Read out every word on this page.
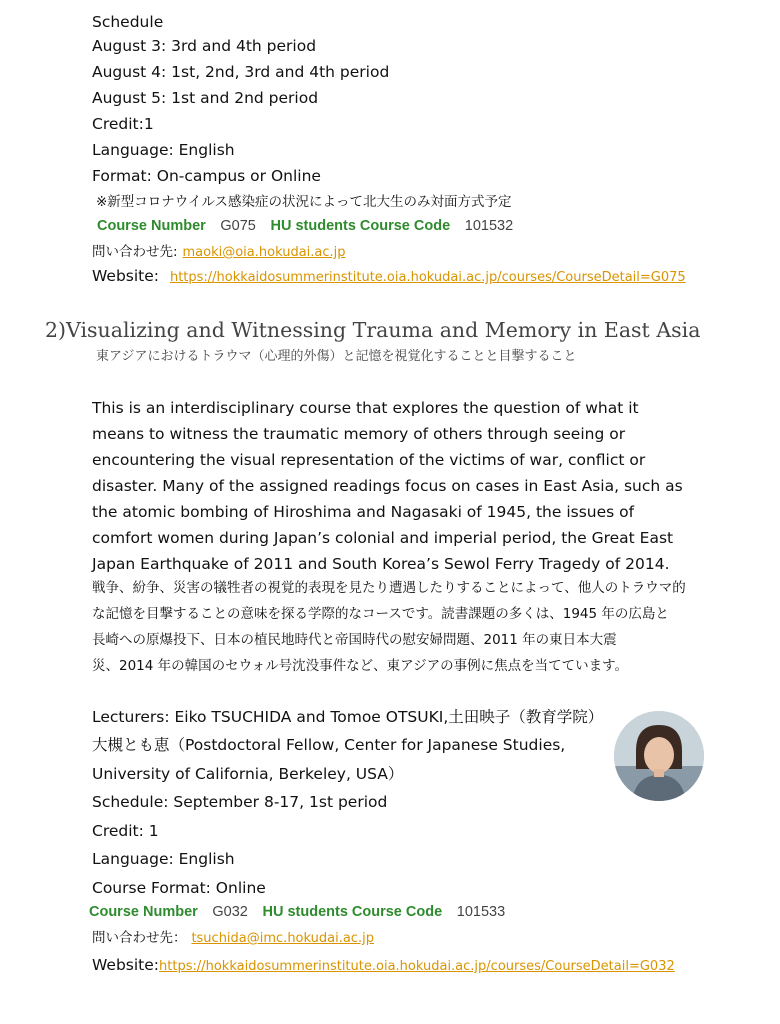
Schedule
August 3: 3rd and 4th period
August 4: 1st, 2nd, 3rd and 4th period
August 5: 1st and 2nd period
Credit:1
Language: English
Format: On-campus or Online
※新型コロナウイルス感染症の状況によって北大生のみ対面方式予定
Course Number G075 HU students Course Code 101532
問い合わせ先: maoki@oia.hokudai.ac.jp
Website: https://hokkaidosummerinstitute.oia.hokudai.ac.jp/courses/CourseDetail=G075
2)Visualizing and Witnessing Trauma and Memory in East Asia
東アジアにおけるトラウマ（心理的外傷）と記憶を視覚化することと目撃すること

This is an interdisciplinary course that explores the question of what it

means to witness the traumatic memory of others through seeing or

encountering the visual representation of the victims of war, conflict or

disaster. Many of the assigned readings focus on cases in East Asia, such as

the atomic bombing of Hiroshima and Nagasaki of 1945, the issues of

comfort women during Japan’s colonial and imperial period, the Great East

Japan Earthquake of 2011 and South Korea’s Sewol Ferry Tragedy of 2014.

戦争、紛争、災害の犠牲者の視覚的表現を見たり遭遇したりすることによって、他人のトラウマ的

な記憶を目撃することの意味を探る学際的なコースです。読書課題の多くは、1945 年の広島と

長崎への原爆投下、日本の植民地時代と帝国時代の慰安婦問題、2011 年の東日本大震

災、2014 年の韓国のセウォル号沈没事件など、東アジアの事例に焦点を当てています。

Lecturers: Eiko TSUCHIDA and Tomoe OTSUKI,土田映子（教育学院）
大槻とも恵（Postdoctoral Fellow, Center for Japanese Studies,
University of California, Berkeley, USA）
Schedule: September 8-17, 1st period
Credit: 1
Language: English
Course Format: Online
Course Number G032 HU students Course Code 101533
問い合わせ先： tsuchida@imc.hokudai.ac.jp
Website:https://hokkaidosummerinstitute.oia.hokudai.ac.jp/courses/CourseDetail=G032
